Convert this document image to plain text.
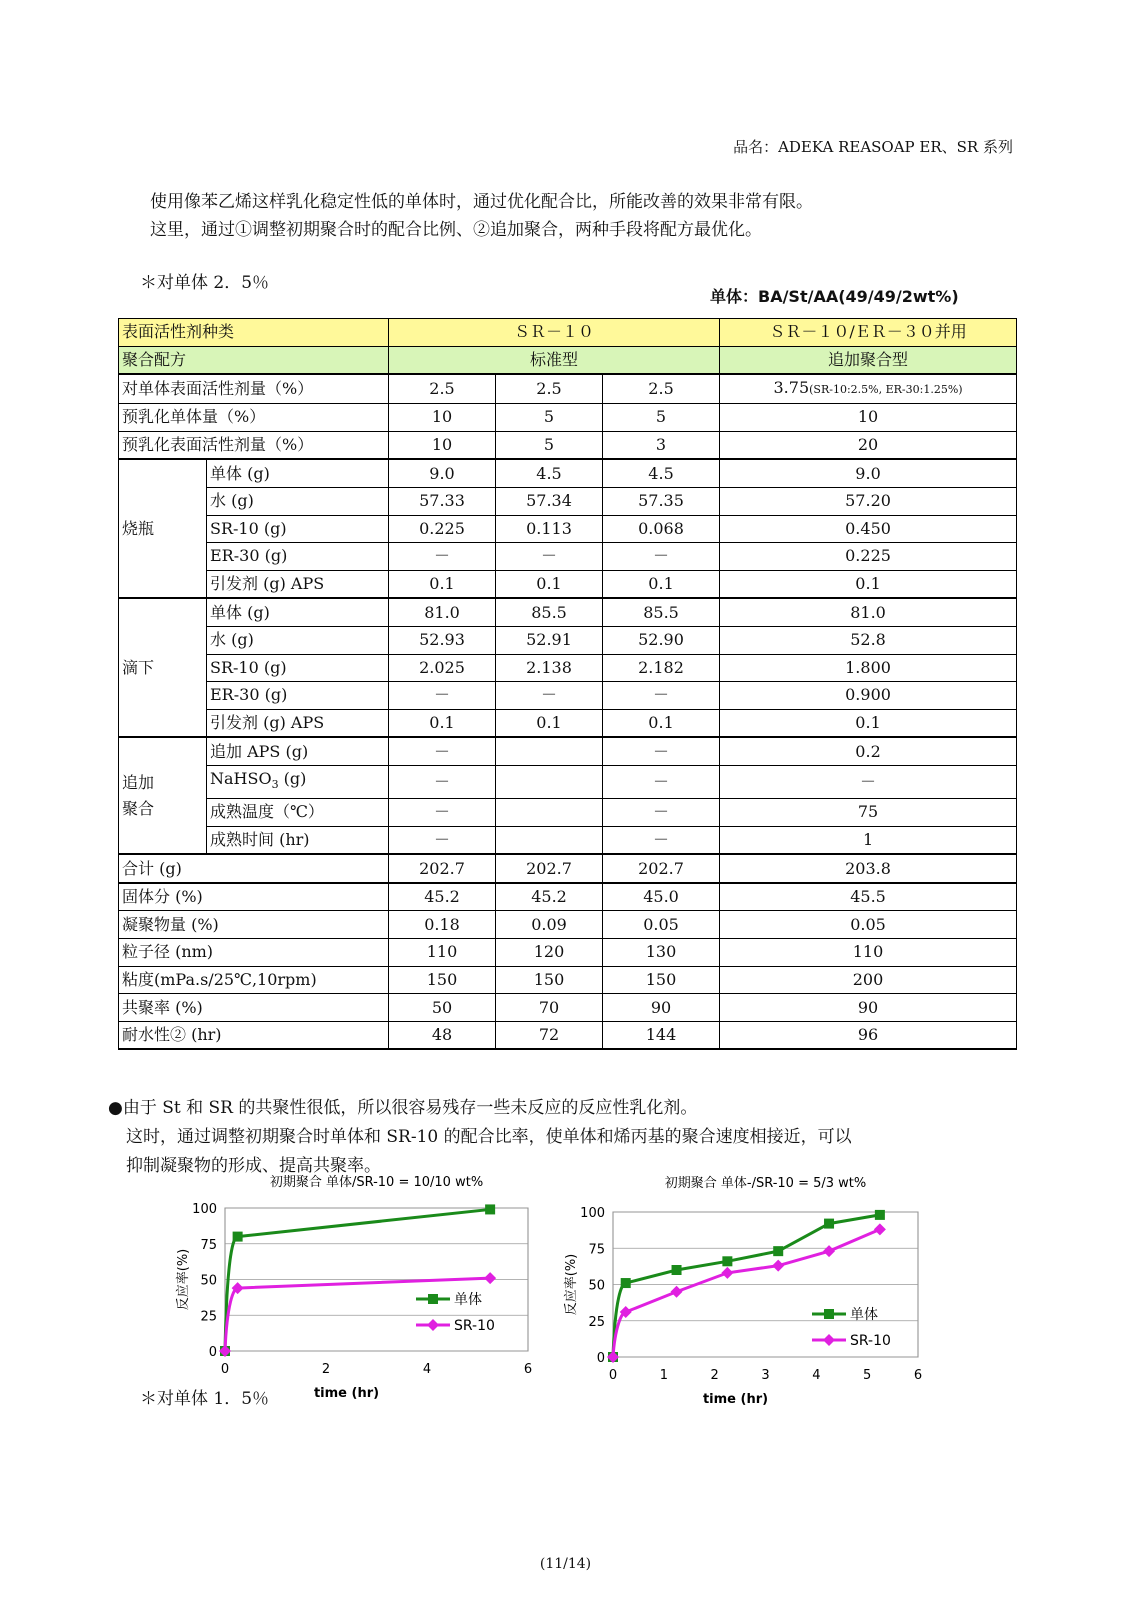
品名：ADEKA REASOAP ER、SR 系列
使用像苯乙烯这样乳化稳定性低的单体时，通过优化配合比，所能改善的效果非常有限。
这里，通过①调整初期聚合时的配合比例、②追加聚合，两种手段将配方最优化。
＊对单体 2．5％
单体：BA/St/AA(49/49/2wt%)
表面活性剂种类		ＳＲ－１０			ＳＲ－１０/ＥＲ－３０并用
聚合配方		标准型			追加聚合型
对单体表面活性剂量（%）		2.5	2.5	2.5	3.75(SR-10:2.5%, ER-30:1.25%)
预乳化单体量（%）		10	5	5	10
预乳化表面活性剂量（%）		10	5	3	20
烧瓶	单体 (g)	9.0	4.5	4.5	9.0
	水 (g)	57.33	57.34	57.35	57.20
	SR-10 (g)	0.225	0.113	0.068	0.450
	ER-30 (g)	－	－	－	0.225
	引发剂 (g) APS	0.1	0.1	0.1	0.1
滴下	单体 (g)	81.0	85.5	85.5	81.0
	水 (g)	52.93	52.91	52.90	52.8
	SR-10 (g)	2.025	2.138	2.182	1.800
	ER-30 (g)	－	－	－	0.900
	引发剂 (g) APS	0.1	0.1	0.1	0.1

追加
聚合	追加 APS (g)	－		－	0.2
	NaHSO$_3$ (g)	－		－	－
	成熟温度（℃）	－		－	75
	成熟时间 (hr)	－		－	1
合计 (g)		202.7	202.7	202.7	203.8
固体分 (%)		45.2	45.2	45.0	45.5
凝聚物量 (%)		0.18	0.09	0.05	0.05
粒子径 (nm)		110	120	130	110
粘度(mPa.s/25℃,10rpm)		150	150	150	200
共聚率 (%)		50	70	90	90
耐水性② (hr)		48	72	144	96
●由于 St 和 SR 的共聚性很低，所以很容易残存一些未反应的反应性乳化剂。
这时，通过调整初期聚合时单体和 SR-10 的配合比率，使单体和烯丙基的聚合速度相接近，可以
抑制凝聚物的形成、提高共聚率。
初期聚合 单体/SR-10 = 10/10 wt%
0
25
50
75
100
0	2	4	6
time (hr)
反应率(%)	单体
SR-10
初期聚合 单体-/SR-10 = 5/3 wt%
0
25
50
75
100
0	1	2	3	4	5	6
time (hr)
反应率(%)	单体
SR-10
＊对单体 1．5％
(11/14)
